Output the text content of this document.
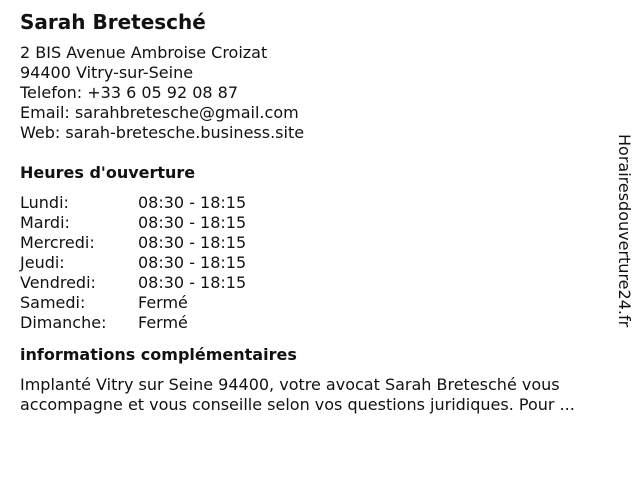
Sarah Bretesché
2 BIS Avenue Ambroise Croizat
94400 Vitry-sur-Seine
Telefon: +33 6 05 92 08 87
Email: sarahbretesche@gmail.com
Web: sarah-bretesche.business.site
Heures d'ouverture
Lundi:	08:30 - 18:15
Mardi:	08:30 - 18:15
Mercredi:	08:30 - 18:15
Jeudi:	08:30 - 18:15
Vendredi:	08:30 - 18:15
Samedi:	Fermé
Dimanche:	Fermé
informations complémentaires
Implanté Vitry sur Seine 94400, votre avocat Sarah Bretesché vous accompagne et vous conseille selon vos questions juridiques. Pour ...
Horairesdouverture24.fr
